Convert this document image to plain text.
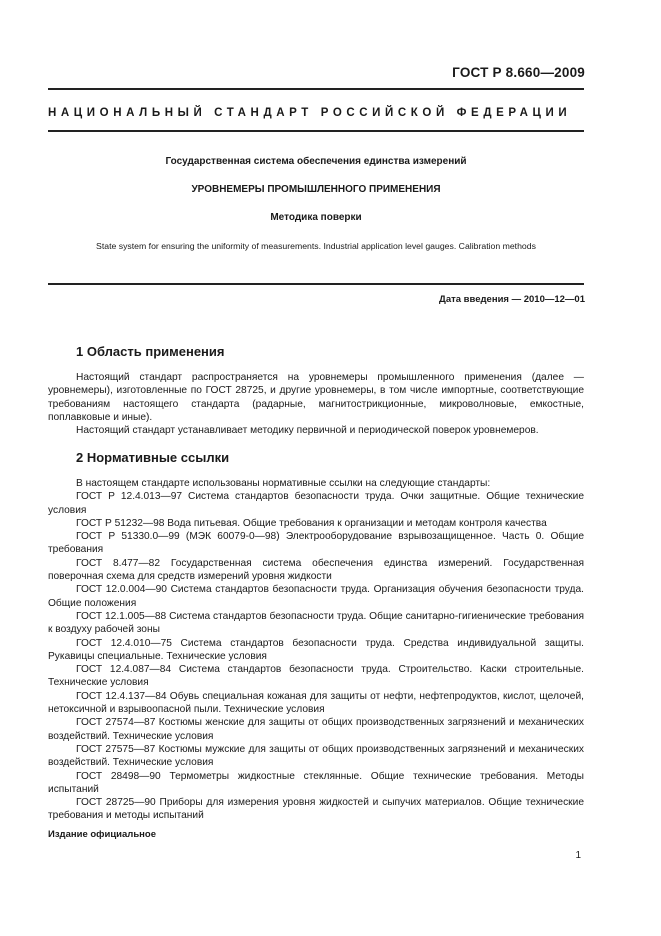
ГОСТ Р 8.660—2009
НАЦИОНАЛЬНЫЙ СТАНДАРТ РОССИЙСКОЙ ФЕДЕРАЦИИ
Государственная система обеспечения единства измерений
УРОВНЕМЕРЫ ПРОМЫШЛЕННОГО ПРИМЕНЕНИЯ
Методика поверки
State system for ensuring the uniformity of measurements. Industrial application level gauges. Calibration methods
Дата введения — 2010—12—01
1 Область применения

Настоящий стандарт распространяется на уровнемеры промышленного применения (далее — уровнемеры), изготовленные по ГОСТ 28725, и другие уровнемеры, в том числе импортные, соответствующие требованиям настоящего стандарта (радарные, магнитострикционные, микроволновые, емкостные, поплавковые и иные).

Настоящий стандарт устанавливает методику первичной и периодической поверок уровнемеров.

2 Нормативные ссылки

В настоящем стандарте использованы нормативные ссылки на следующие стандарты:

ГОСТ Р 12.4.013—97 Система стандартов безопасности труда. Очки защитные. Общие технические условия

ГОСТ Р 51232—98 Вода питьевая. Общие требования к организации и методам контроля качества

ГОСТ Р 51330.0—99 (МЭК 60079-0—98) Электрооборудование взрывозащищенное. Часть 0. Общие требования

ГОСТ 8.477—82 Государственная система обеспечения единства измерений. Государственная поверочная схема для средств измерений уровня жидкости

ГОСТ 12.0.004—90 Система стандартов безопасности труда. Организация обучения безопасности труда. Общие положения

ГОСТ 12.1.005—88 Система стандартов безопасности труда. Общие санитарно-гигиенические требования к воздуху рабочей зоны

ГОСТ 12.4.010—75 Система стандартов безопасности труда. Средства индивидуальной защиты. Рукавицы специальные. Технические условия

ГОСТ 12.4.087—84 Система стандартов безопасности труда. Строительство. Каски строительные. Технические условия

ГОСТ 12.4.137—84 Обувь специальная кожаная для защиты от нефти, нефтепродуктов, кислот, щелочей, нетоксичной и взрывоопасной пыли. Технические условия

ГОСТ 27574—87 Костюмы женские для защиты от общих производственных загрязнений и механических воздействий. Технические условия

ГОСТ 27575—87 Костюмы мужские для защиты от общих производственных загрязнений и механических воздействий. Технические условия

ГОСТ 28498—90 Термометры жидкостные стеклянные. Общие технические требования. Методы испытаний

ГОСТ 28725—90 Приборы для измерения уровня жидкостей и сыпучих материалов. Общие технические требования и методы испытаний

Издание официальное
1
